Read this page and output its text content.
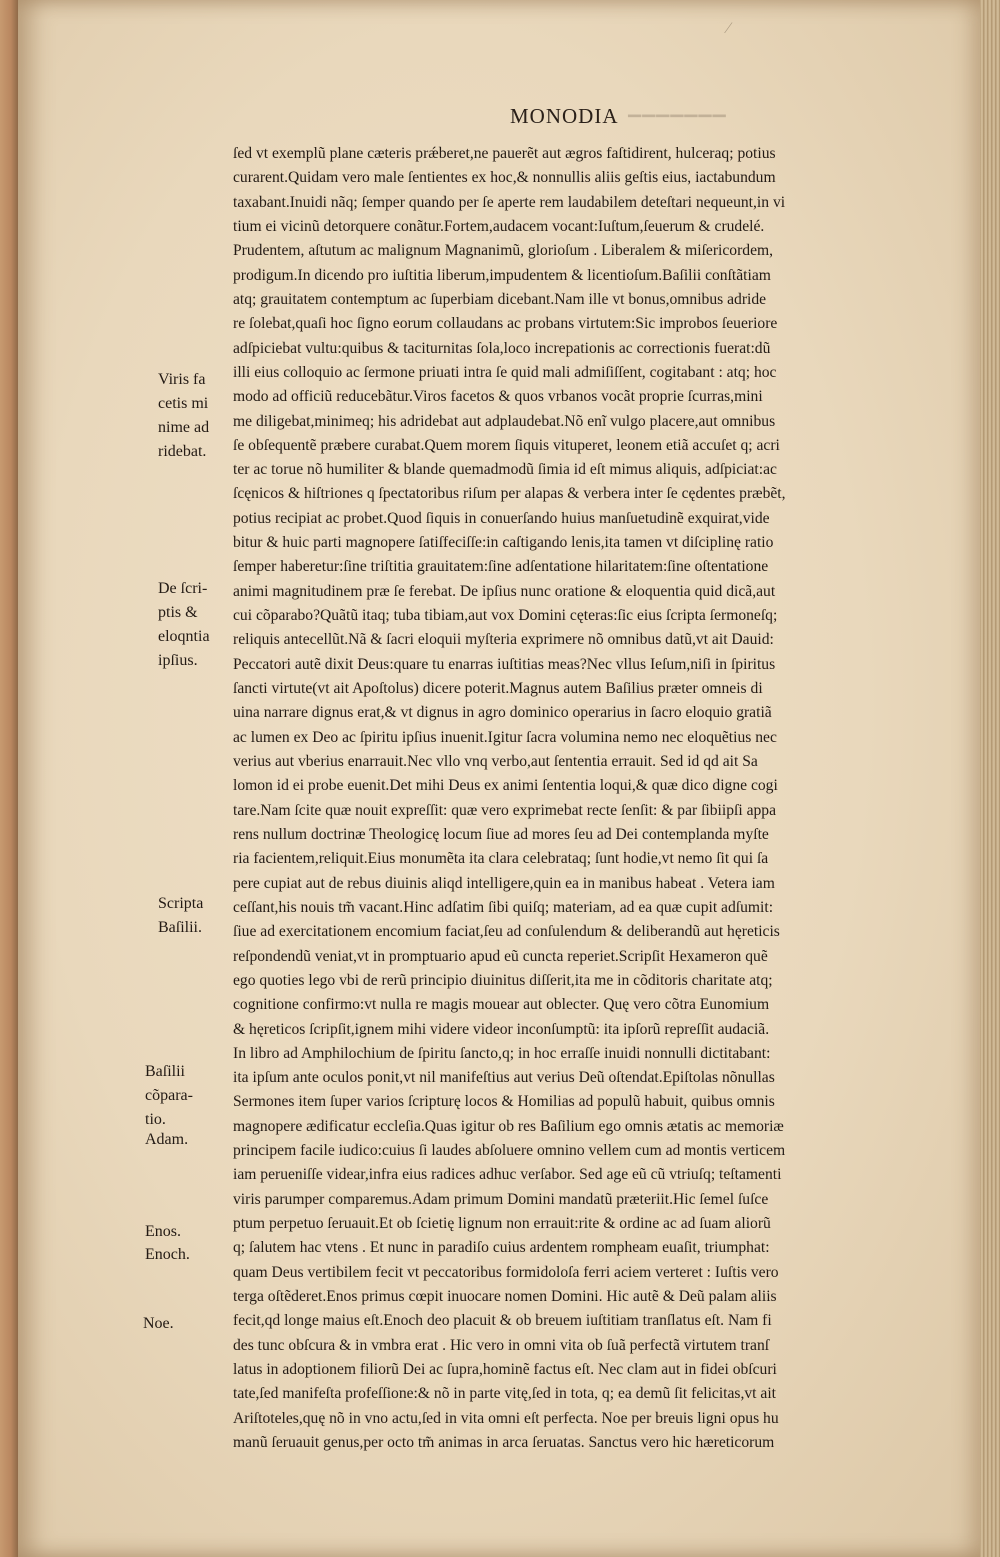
MONODIA ▁▁▁▁▁▁▁
⁄
ſed vt exemplũ plane cæteris prǽberet,ne pauerẽt aut ægros faſtidirent, hulceraq; potius
curarent.Quidam vero male ſentientes ex hoc,& nonnullis aliis geſtis eius, iactabundum
taxabant.Inuidi nãq; ſemper quando per ſe aperte rem laudabilem deteſtari nequeunt,in vi
tium ei vicinũ detorquere conãtur.Fortem,audacem vocant:Iuſtum,ſeuerum & crudelé.
Prudentem, aſtutum ac malignum Magnanimũ, glorioſum . Liberalem & miſericordem,
prodigum.In dicendo pro iuſtitia liberum,impudentem & licentioſum.Baſilii conſtãtiam
atq; grauitatem contemptum ac ſuperbiam dicebant.Nam ille vt bonus,omnibus adride
re ſolebat,quaſi hoc ſigno eorum collaudans ac probans virtutem:Sic improbos ſeueriore
adſpiciebat vultu:quibus & taciturnitas ſola,loco increpationis ac correctionis fuerat:dũ
illi eius colloquio ac ſermone priuati intra ſe quid mali admiſiſſent, cogitabant : atq; hoc
modo ad officiũ reducebãtur.Viros facetos & quos vrbanos vocãt proprie ſcurras,mini
me diligebat,minimeq; his adridebat aut adplaudebat.Nõ enĩ vulgo placere,aut omnibus
ſe obſequentẽ præbere curabat.Quem morem ſiquis vituperet, leonem etiã accuſet q; acri
ter ac torue nõ humiliter & blande quemadmodũ ſimia id eſt mimus aliquis, adſpiciat:ac
ſcęnicos & hiſtriones q ſpectatoribus riſum per alapas & verbera inter ſe cędentes præbẽt,
potius recipiat ac probet.Quod ſiquis in conuerſando huius manſuetudinẽ exquirat,vide
bitur & huic parti magnopere ſatiſfeciſſe:in caſtigando lenis,ita tamen vt diſciplinę ratio
ſemper haberetur:ſine triſtitia grauitatem:ſine adſentatione hilaritatem:ſine oſtentatione
animi magnitudinem præ ſe ferebat. De ipſius nunc oratione & eloquentia quid dicã,aut
cui cõparabo?Quãtũ itaq; tuba tibiam,aut vox Domini cęteras:ſic eius ſcripta ſermoneſq;
reliquis antecellũt.Nã & ſacri eloquii myſteria exprimere nõ omnibus datũ,vt ait Dauid:
Peccatori autẽ dixit Deus:quare tu enarras iuſtitias meas?Nec vllus Ieſum,niſi in ſpiritus
ſancti virtute(vt ait Apoſtolus) dicere poterit.Magnus autem Baſilius præter omneis di
uina narrare dignus erat,& vt dignus in agro dominico operarius in ſacro eloquio gratiã
ac lumen ex Deo ac ſpiritu ipſius inuenit.Igitur ſacra volumina nemo nec eloquẽtius nec
verius aut vberius enarrauit.Nec vllo vnq verbo,aut ſententia errauit. Sed id qd ait Sa
lomon id ei probe euenit.Det mihi Deus ex animi ſententia loqui,& quæ dico digne cogi
tare.Nam ſcite quæ nouit expreſſit: quæ vero exprimebat recte ſenſit: & par ſibiipſi appa
rens nullum doctrinæ Theologicę locum ſiue ad mores ſeu ad Dei contemplanda myſte
ria facientem,reliquit.Eius monumẽta ita clara celebrataq; ſunt hodie,vt nemo ſit qui ſa
pere cupiat aut de rebus diuinis aliqd intelligere,quin ea in manibus habeat . Vetera iam
ceſſant,his nouis tm̃ vacant.Hinc adſatim ſibi quiſq; materiam, ad ea quæ cupit adſumit:
ſiue ad exercitationem encomium faciat,ſeu ad conſulendum & deliberandũ aut hęreticis
reſpondendũ veniat,vt in promptuario apud eũ cuncta reperiet.Scripſit Hexameron quẽ
ego quoties lego vbi de rerũ principio diuinitus diſſerit,ita me in cõditoris charitate atq;
cognitione confirmo:vt nulla re magis mouear aut oblecter. Quę vero cõtra Eunomium
& hęreticos ſcripſit,ignem mihi videre videor inconſumptũ: ita ipſorũ repreſſit audaciã.
In libro ad Amphilochium de ſpiritu ſancto,q; in hoc erraſſe inuidi nonnulli dictitabant:
ita ipſum ante oculos ponit,vt nil manifeſtius aut verius Deũ oſtendat.Epiſtolas nõnullas
Sermones item ſuper varios ſcripturę locos & Homilias ad populũ habuit, quibus omnis
magnopere ædificatur eccleſia.Quas igitur ob res Baſilium ego omnis ætatis ac memoriæ
principem facile iudico:cuius ſi laudes abſoluere omnino vellem cum ad montis verticem
iam perueniſſe videar,infra eius radices adhuc verſabor. Sed age eũ cũ vtriuſq; teſtamenti
viris parumper comparemus.Adam primum Domini mandatũ præteriit.Hic ſemel ſuſce
ptum perpetuo ſeruauit.Et ob ſcietię lignum non errauit:rite & ordine ac ad ſuam aliorũ
q; ſalutem hac vtens . Et nunc in paradiſo cuius ardentem rompheam euaſit, triumphat:
quam Deus vertibilem fecit vt peccatoribus formidoloſa ferri aciem verteret : Iuſtis vero
terga oſtẽderet.Enos primus cœpit inuocare nomen Domini. Hic autẽ & Deũ palam aliis
fecit,qd longe maius eſt.Enoch deo placuit & ob breuem iuſtitiam tranſlatus eſt. Nam fi
des tunc obſcura & in vmbra erat . Hic vero in omni vita ob ſuã perfectã virtutem tranſ
latus in adoptionem filiorũ Dei ac ſupra,hominẽ factus eſt. Nec clam aut in fidei obſcuri
tate,ſed manifeſta profeſſione:& nõ in parte vitę,ſed in tota, q; ea demũ ſit felicitas,vt ait
Ariſtoteles,quę nõ in vno actu,ſed in vita omni eſt perfecta. Noe per breuis ligni opus hu
manũ ſeruauit genus,per octo tm̃ animas in arca ſeruatas. Sanctus vero hic hæreticorum
Viris fa
cetis mi
nime ad
ridebat.
De ſcri-
ptis &
eloqntia
ipſius.
Scripta
Baſilii.
Baſilii
cõpara-
tio.
Adam.
Enos.
Enoch.
Noe.
